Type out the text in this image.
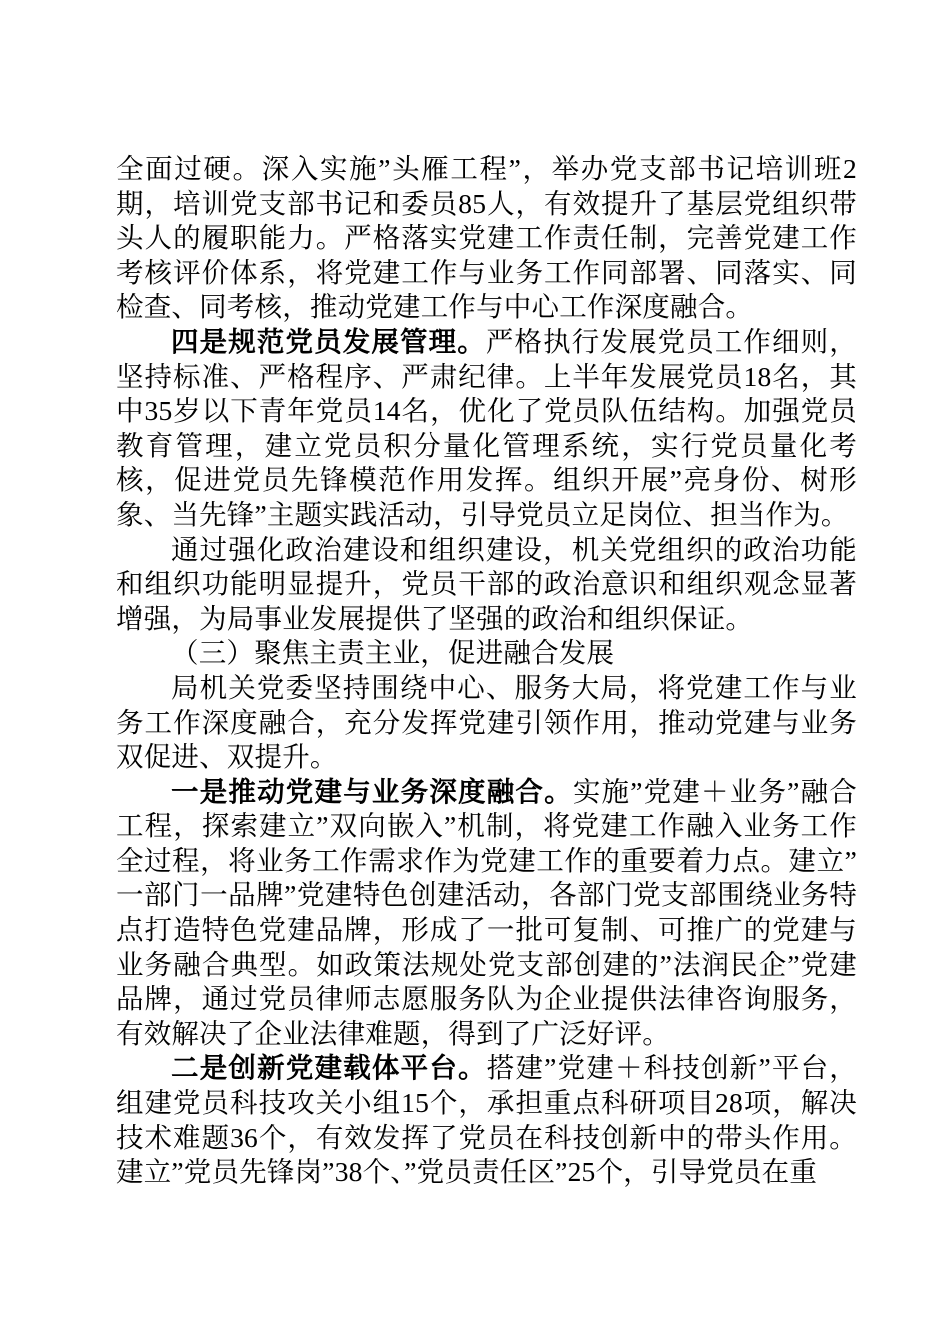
全面过硬。深入实施”头雁工程”，举办党支部书记培训班2期，培训党支部书记和委员85人，有效提升了基层党组织带头人的履职能力。严格落实党建工作责任制，完善党建工作考核评价体系，将党建工作与业务工作同部署、同落实、同检查、同考核，推动党建工作与中心工作深度融合。

四是规范党员发展管理。严格执行发展党员工作细则，坚持标准、严格程序、严肃纪律。上半年发展党员18名，其中35岁以下青年党员14名，优化了党员队伍结构。加强党员教育管理，建立党员积分量化管理系统，实行党员量化考核，促进党员先锋模范作用发挥。组织开展”亮身份、树形象、当先锋”主题实践活动，引导党员立足岗位、担当作为。

通过强化政治建设和组织建设，机关党组织的政治功能和组织功能明显提升，党员干部的政治意识和组织观念显著增强，为局事业发展提供了坚强的政治和组织保证。

（三）聚焦主责主业，促进融合发展

局机关党委坚持围绕中心、服务大局，将党建工作与业务工作深度融合，充分发挥党建引领作用，推动党建与业务双促进、双提升。

一是推动党建与业务深度融合。实施”党建＋业务”融合工程，探索建立”双向嵌入”机制，将党建工作融入业务工作全过程，将业务工作需求作为党建工作的重要着力点。建立”一部门一品牌”党建特色创建活动，各部门党支部围绕业务特点打造特色党建品牌，形成了一批可复制、可推广的党建与业务融合典型。如政策法规处党支部创建的”法润民企”党建品牌，通过党员律师志愿服务队为企业提供法律咨询服务，有效解决了企业法律难题，得到了广泛好评。

二是创新党建载体平台。搭建”党建＋科技创新”平台，组建党员科技攻关小组15个，承担重点科研项目28项，解决技术难题36个，有效发挥了党员在科技创新中的带头作用。建立”党员先锋岗”38个、”党员责任区”25个，引导党员在重
